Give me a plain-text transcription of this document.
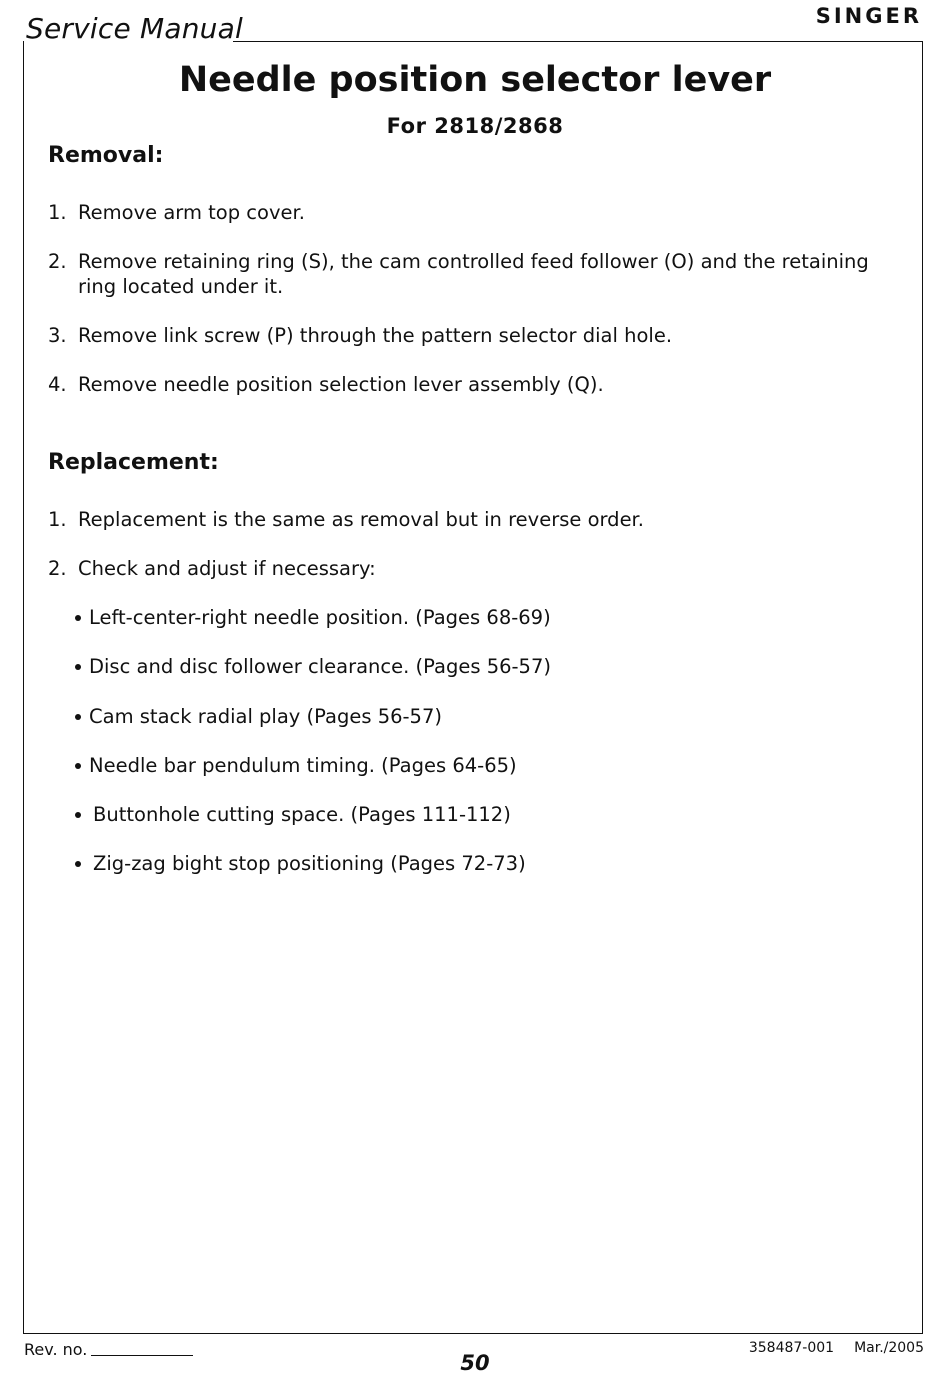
Service Manual	SINGER
Needle position selector lever
For 2818/2868
Removal:
1. Remove arm top cover.
2. Remove retaining ring (S), the cam controlled feed follower (O) and the retaining ring located under it.
3. Remove link screw (P) through the pattern selector dial hole.
4. Remove needle position selection lever assembly (Q).
Replacement:
1. Replacement is the same as removal but in reverse order.
2. Check and adjust if necessary:
Left-center-right needle position. (Pages 68-69)
Disc and disc follower clearance. (Pages 56-57)
Cam stack radial play (Pages 56-57)
Needle bar pendulum timing. (Pages 64-65)
Buttonhole cutting space. (Pages 111-112)
Zig-zag bight stop positioning (Pages 72-73)
Rev. no.
50
358487-001 Mar./2005
